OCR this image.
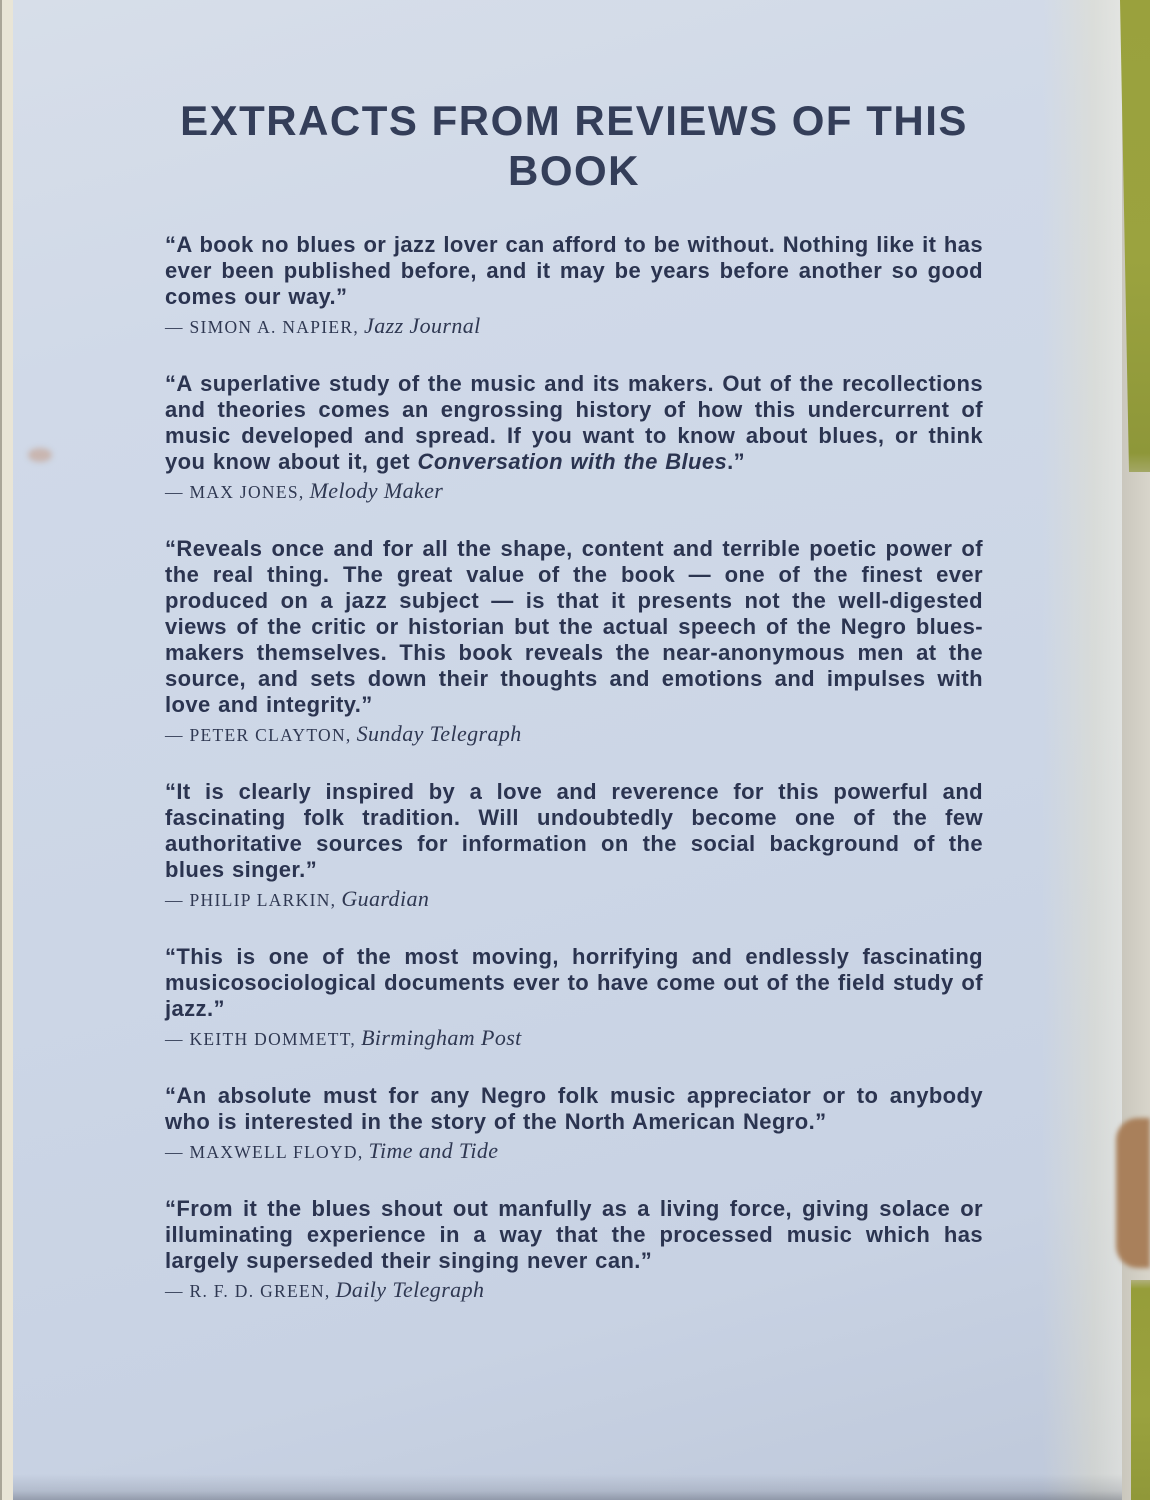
EXTRACTS FROM REVIEWS OF THIS
BOOK

“A book no blues or jazz lover can afford to be without. Nothing like it has ever been published before, and it may be years before another so good comes our way.”

— SIMON A. NAPIER, Jazz Journal

“A superlative study of the music and its makers. Out of the recollections and theories comes an engrossing history of how this undercurrent of music developed and spread. If you want to know about blues, or think you know about it, get Conversation with the Blues.”

— MAX JONES, Melody Maker

“Reveals once and for all the shape, content and terrible poetic power of the real thing. The great value of the book — one of the finest ever produced on a jazz subject — is that it presents not the well-digested views of the critic or historian but the actual speech of the Negro blues-makers themselves. This book reveals the near-anonymous men at the source, and sets down their thoughts and emotions and impulses with love and integrity.”

— PETER CLAYTON, Sunday Telegraph

“It is clearly inspired by a love and reverence for this powerful and fascinating folk tradition. Will undoubtedly become one of the few authoritative sources for information on the social background of the blues singer.”

— PHILIP LARKIN, Guardian

“This is one of the most moving, horrifying and endlessly fascinating musicosociological documents ever to have come out of the field study of jazz.”

— KEITH DOMMETT, Birmingham Post

“An absolute must for any Negro folk music appreciator or to anybody who is interested in the story of the North American Negro.”

— MAXWELL FLOYD, Time and Tide

“From it the blues shout out manfully as a living force, giving solace or illuminating experience in a way that the processed music which has largely superseded their singing never can.”

— R. F. D. GREEN, Daily Telegraph
